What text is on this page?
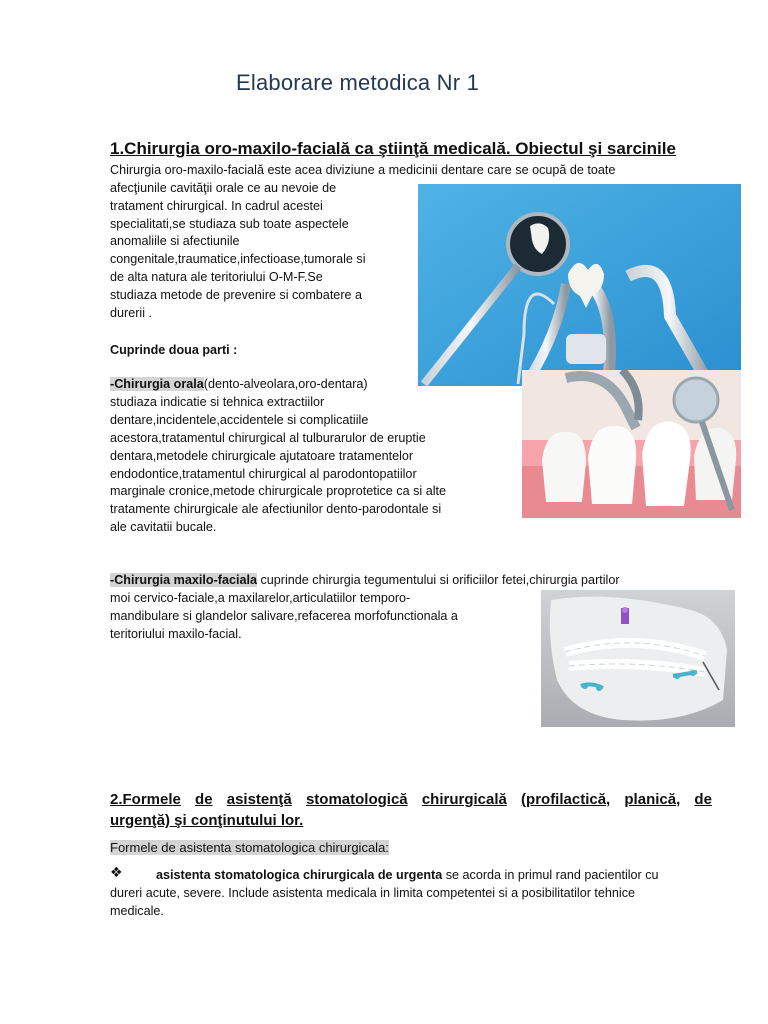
Elaborare metodica Nr 1
1.Chirurgia oro-maxilo-facială ca ştiinţă medicală. Obiectul şi sarcinile
Chirurgia oro-maxilo-facială este acea diviziune a medicinii dentare care se ocupă de toate
afecţiunile cavităţii orale ce au nevoie de
tratament chirurgical. In cadrul acestei
specialitati,se studiaza sub toate aspectele
anomaliile si afectiunile
congenitale,traumatice,infectioase,tumorale si
de alta natura ale teritoriului O-M-F.Se
studiaza metode de prevenire si combatere a
durerii .
Cuprinde doua parti :
-Chirurgia orala(dento-alveolara,oro-dentara)
studiaza indicatie si tehnica extractiilor
dentare,incidentele,accidentele si complicatiile
acestora,tratamentul chirurgical al tulburarulor de eruptie
dentara,metodele chirurgicale ajutatoare tratamentelor
endodontice,tratamentul chirurgical al parodontopatiilor
marginale cronice,metode chirurgicale proprotetice ca si alte
tratamente chirurgicale ale afectiunilor dento-parodontale si
ale cavitatii bucale.
-Chirurgia maxilo-faciala cuprinde chirurgia tegumentului si orificiilor fetei,chirurgia partilor
moi cervico-faciale,a maxilarelor,articulatiilor temporo-
mandibulare si glandelor salivare,refacerea morfofunctionala a
teritoriului maxilo-facial.
2.Formele de asistenţă stomatologică chirurgicală (profilactică, planică, de
urgenţă) şi conţinutului lor.
Formele de asistenta stomatologica chirurgicala:
❖	asistenta stomatologica chirurgicala de urgenta se acorda in primul rand pacientilor cu
dureri acute, severe. Include asistenta medicala in limita competentei si a posibilitatilor tehnice
medicale.
